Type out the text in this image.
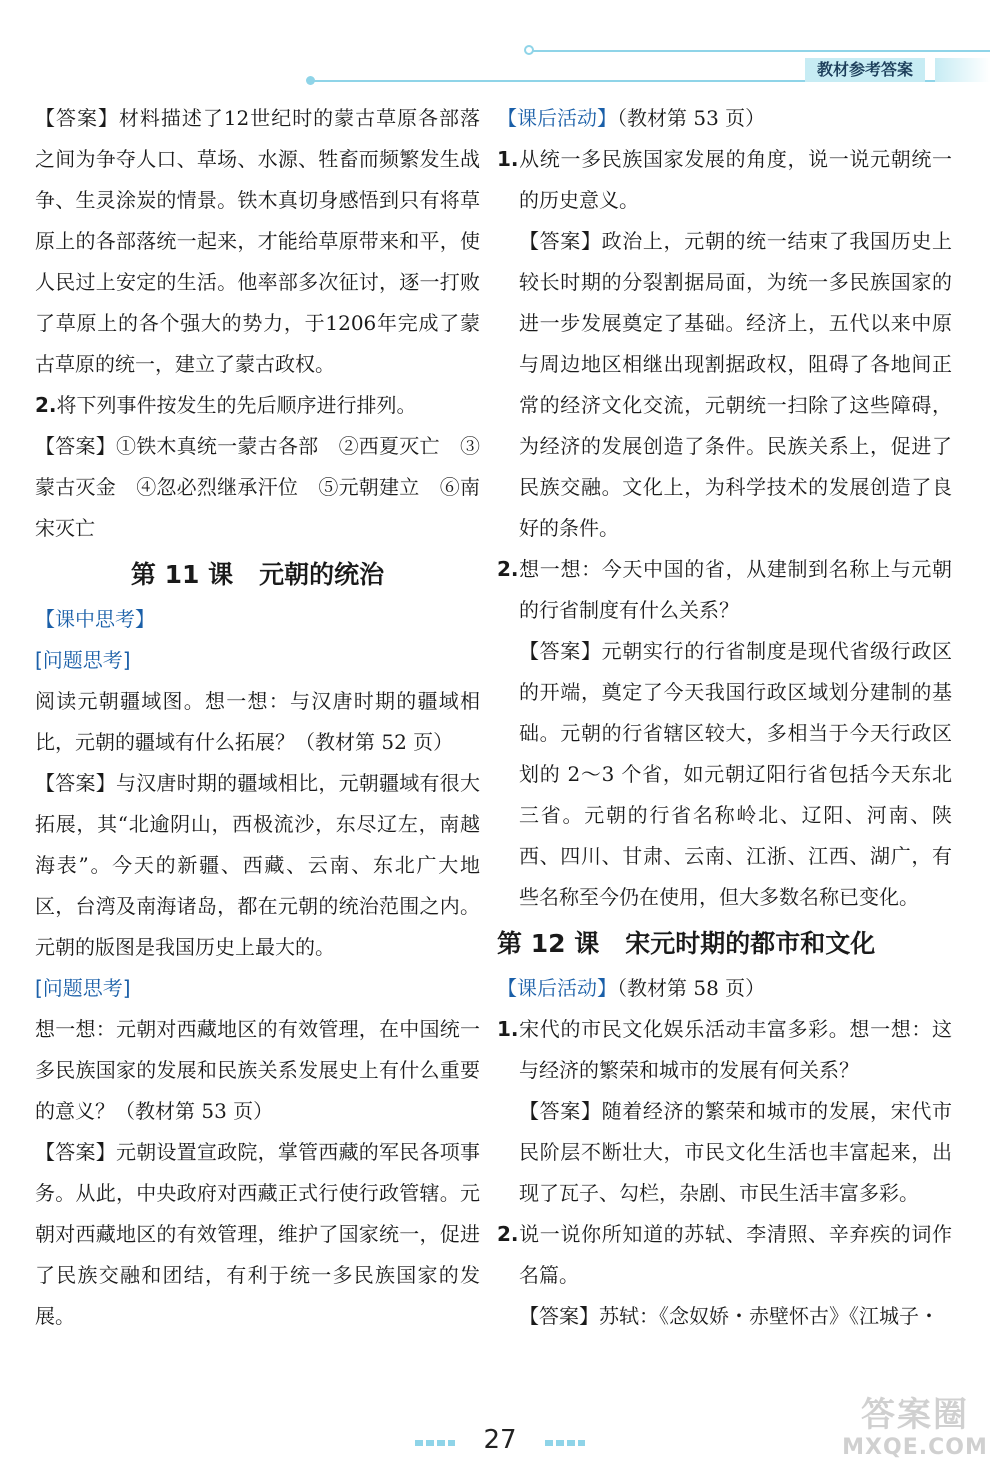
教材参考答案

【答案】材料描述了12世纪时的蒙古草原各部落之间为争夺人口、草场、水源、牲畜而频繁发生战争、生灵涂炭的情景。铁木真切身感悟到只有将草原上的各部落统一起来，才能给草原带来和平，使人民过上安定的生活。他率部多次征讨，逐一打败了草原上的各个强大的势力，于1206年完成了蒙古草原的统一，建立了蒙古政权。

2.将下列事件按发生的先后顺序进行排列。

【答案】①铁木真统一蒙古各部　②西夏灭亡　③蒙古灭金　④忽必烈继承汗位　⑤元朝建立　⑥南宋灭亡

第 11 课 元朝的统治

【课中思考】

[问题思考]

阅读元朝疆域图。想一想：与汉唐时期的疆域相比，元朝的疆域有什么拓展？（教材第 52 页）

【答案】与汉唐时期的疆域相比，元朝疆域有很大拓展，其“北逾阴山，西极流沙，东尽辽左，南越海表”。今天的新疆、西藏、云南、东北广大地区，台湾及南海诸岛，都在元朝的统治范围之内。元朝的版图是我国历史上最大的。

[问题思考]

想一想：元朝对西藏地区的有效管理，在中国统一多民族国家的发展和民族关系发展史上有什么重要的意义？（教材第 53 页）

【答案】元朝设置宣政院，掌管西藏的军民各项事务。从此，中央政府对西藏正式行使行政管辖。元朝对西藏地区的有效管理，维护了国家统一，促进了民族交融和团结，有利于统一多民族国家的发展。

【课后活动】（教材第 53 页）

1.从统一多民族国家发展的角度，说一说元朝统一的历史意义。

【答案】政治上，元朝的统一结束了我国历史上较长时期的分裂割据局面，为统一多民族国家的进一步发展奠定了基础。经济上，五代以来中原与周边地区相继出现割据政权，阻碍了各地间正常的经济文化交流，元朝统一扫除了这些障碍，为经济的发展创造了条件。民族关系上，促进了民族交融。文化上，为科学技术的发展创造了良好的条件。

2.想一想：今天中国的省，从建制到名称上与元朝的行省制度有什么关系？

【答案】元朝实行的行省制度是现代省级行政区的开端，奠定了今天我国行政区域划分建制的基础。元朝的行省辖区较大，多相当于今天行政区划的 2～3 个省，如元朝辽阳行省包括今天东北三省。元朝的行省名称岭北、辽阳、河南、陕西、四川、甘肃、云南、江浙、江西、湖广，有些名称至今仍在使用，但大多数名称已变化。

第 12 课 宋元时期的都市和文化

【课后活动】（教材第 58 页）

1.宋代的市民文化娱乐活动丰富多彩。想一想：这与经济的繁荣和城市的发展有何关系？

【答案】随着经济的繁荣和城市的发展，宋代市民阶层不断壮大，市民文化生活也丰富起来，出现了瓦子、勾栏，杂剧、市民生活丰富多彩。

2.说一说你所知道的苏轼、李清照、辛弃疾的词作名篇。

【答案】苏轼：《念奴娇・赤壁怀古》《江城子・

27
答案圈
MXQE.COM
